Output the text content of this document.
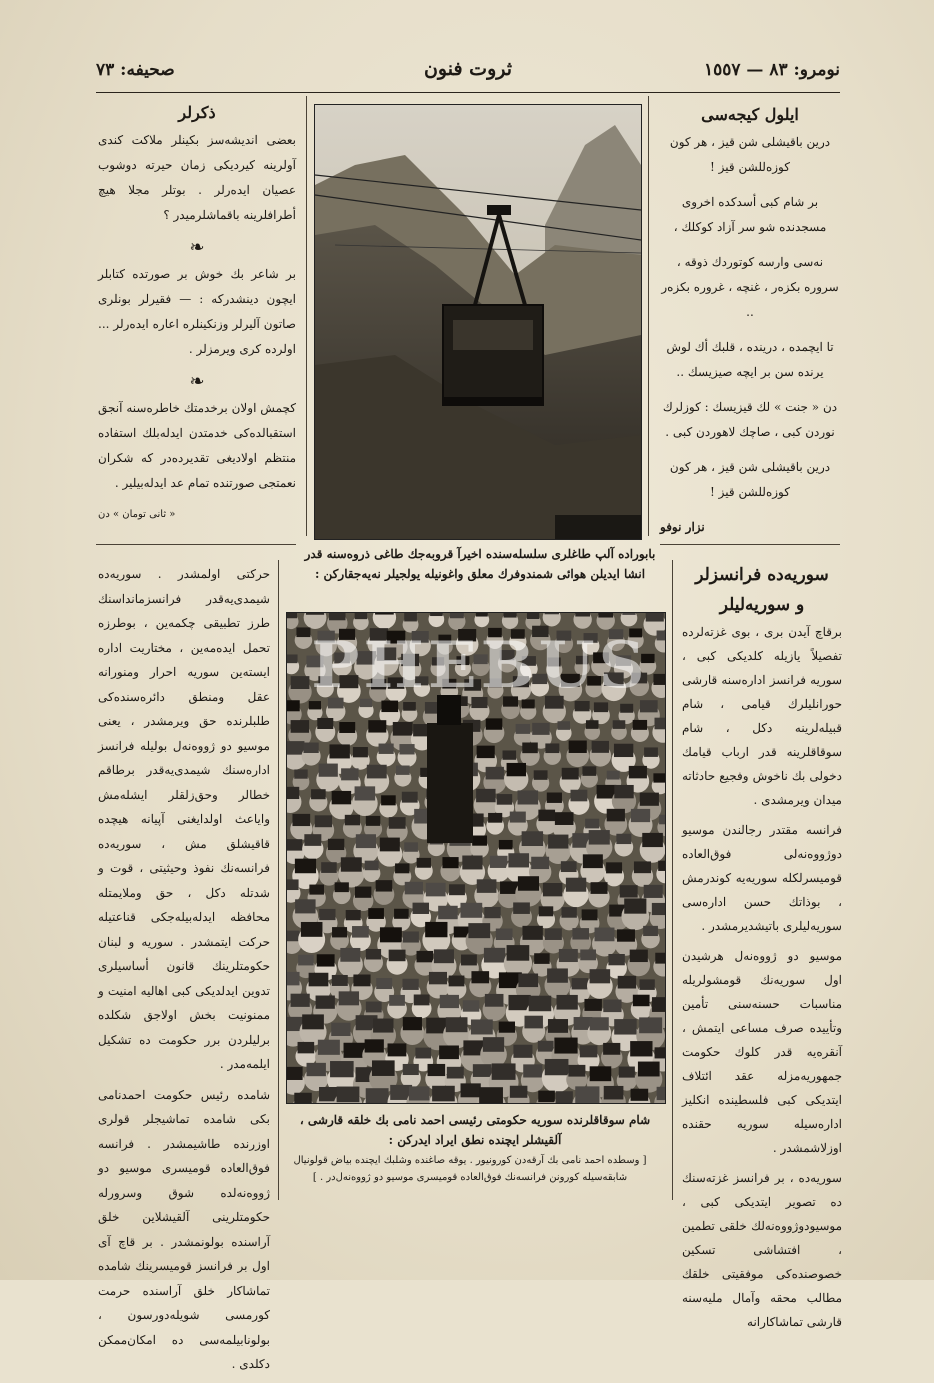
نومرو: ٨٣ — ١٥٥٧
ثروت فنون
صحيفه: ٧٣
ايلول كيجه‌سى

درين باقيشلى شن قيز ، هر كون كوزه‌للشن قيز !

بر شام كبى أسدكده اخروى مسجدنده شو سر آزاد كوكلك ،

نه‌سى وارسه كوتوردك ذوقه ، سروره بكزه‌ر ، غنچه ، غروره بكزه‌ر ..

تا ايچمده ، درينده ، قلبك أك لوش يرنده سن بر ايچه صيزيسك ..

دن « جنت » لك قيزيسك : كوزلرك نوردن كبى ، صاچك لاهوردن كبى .

درين باقيشلى شن قيز ، هر كون كوزه‌للشن قيز !

نزار نوفو
ذكرلر

بعضى انديشه‌سز بكينلر ملاكت كندى آولرينه كيرديكى زمان حيرته دوشوب عصيان ايده‌رلر . بوتلر مجلا هيچ أطرافلرينه باقماشلرميدر ؟

❧

بر شاعر بك خوش بر صورتده كتابلر ايچون دينشدركه : — فقيرلر بونلرى صاتون آليرلر وزنكينلره اعاره ايده‌رلر ... اولرده كرى ويرمزلر .

❧

كچمش اولان برخدمتك خاطره‌سنه آنجق استقبالده‌كى خدمتدن ايدله‌بلك استفاده منتظم اولاديغى تقديرده‌در كه شكران نعمتجى صورتنده تمام عد ايدله‌بيلير .

« ثانى تومان » دن
بابوراده آلپ طاغلرى سلسله‌سنده اخيرآ قروبه‌جك طاغى ذروه‌سنه قدر انشا ايديلن هوائى شمندوفرك معلق واغونيله يولجيلر نه‌يه‌جقاركن :
PHEBUS
شام سوقاقلرنده سوريه حكومتى رئيسى احمد نامى بك خلقه قارشى ، آلقيشلر ايچنده نطق ايراد ايدركن :
[ وسطده احمد نامى بك آرقه‌دن كورونيور . يوقه صاغنده وشلبك ايچنده بياض قولونيال شابقه‌سيله كورونن فرانسه‌نك فوق‌العاده قوميسرى موسيو دو ژووه‌نه‌ل‌در . ]
سوريه‌ده فرانسزلر
و سوريه‌ليلر

برقاچ آيدن برى ، بوى غزته‌لرده تفصيلاً يازيله كلديكى كبى ، سوريه فرانسز اداره‌سنه قارشى حورانليلرك قيامى ، شام قبيله‌لرينه دكل ، شام سوقاقلرينه قدر ارباب قيامك دخولى بك ناخوش وفجيع حادثاته ميدان ويرمشدى .

فرانسه مقتدر رجالندن موسيو دوژووه‌نه‌لى فوق‌العاده قوميسرلكله سوريه‌يه كوندرمش ، بوذاتك حسن اداره‌سى سوريه‌ليلرى باتيشديرمشدر .

موسيو دو ژووه‌نه‌ل هرشيدن اول سوريه‌نك قومشولريله مناسبات حسنه‌سنى تأمين وتأييده صرف مساعى ايتمش ، آنقره‌يه قدر كلوك حكومت جمهوريه‌مزله عقد ائتلاف ايتديكى كبى فلسطينده انكليز اداره‌سيله سوريه حقنده اوزلاشمشدر .

سوريه‌ده ، بر فرانسز غزته‌سنك ده تصوير ايتديكى كبى ، موسيودوژووه‌نه‌لك خلقى تطمين ، افتشاشى تسكين خصوصنده‌كى موفقيتى خلقك مطالب محقه وآمال مليه‌سنه قارشى تماشاكارانه

حركتى اولمشدر . سوريه‌ده شيمدى‌يه‌قدر فرانسزمانداسنك طرز تطبيقى چكمه‌ين ، بوطرزه تحمل ايده‌مه‌ين ، مختاريت اداره ايسته‌ين سوريه احرار ومنورانه عقل ومنطق دائره‌سنده‌كى طلبلرنده حق ويرمشدر ، يعنى موسيو دو ژووه‌نه‌ل بوليله فرانسز اداره‌سنك شيمدى‌يه‌قدر برطاقم خطالر وحق‌زلقلر ايشله‌مش واياعث اولدايغنى آپيانه هيچده قاقيشلق مش ، سوريه‌ده فرانسه‌نك نفوذ وحيثيتى ، قوت و شدتله دكل ، حق وملايمتله محافظه ايدله‌بيله‌جكى قناعتيله حركت ايتمشدر . سوريه و لبنان حكومتلرينك قانون أساسيلرى تدوين ايدلديكى كبى اهاليه امنيت و ممنونيت بخش اولاجق شكلده برليلردن برر حكومت ده تشكيل ايلمه‌مدر .

شامده رئيس حكومت احمدنامى بكى شامده تماشيجلر قولرى اوزرنده طاشيمشدر . فرانسه فوق‌العاده قوميسرى موسيو دو ژووه‌نه‌لده شوق وسرورله حكومتلرينى آلقيشلاين خلق آراسنده بولونمشدر . بر قاچ آى اول بر فرانسز قوميسرينك شامده تماشاكار خلق آراسنده حرمت كورمسى شويله‌دورسون ، بولونابيلمه‌سى ده امكان‌ممكن دكلدى .
